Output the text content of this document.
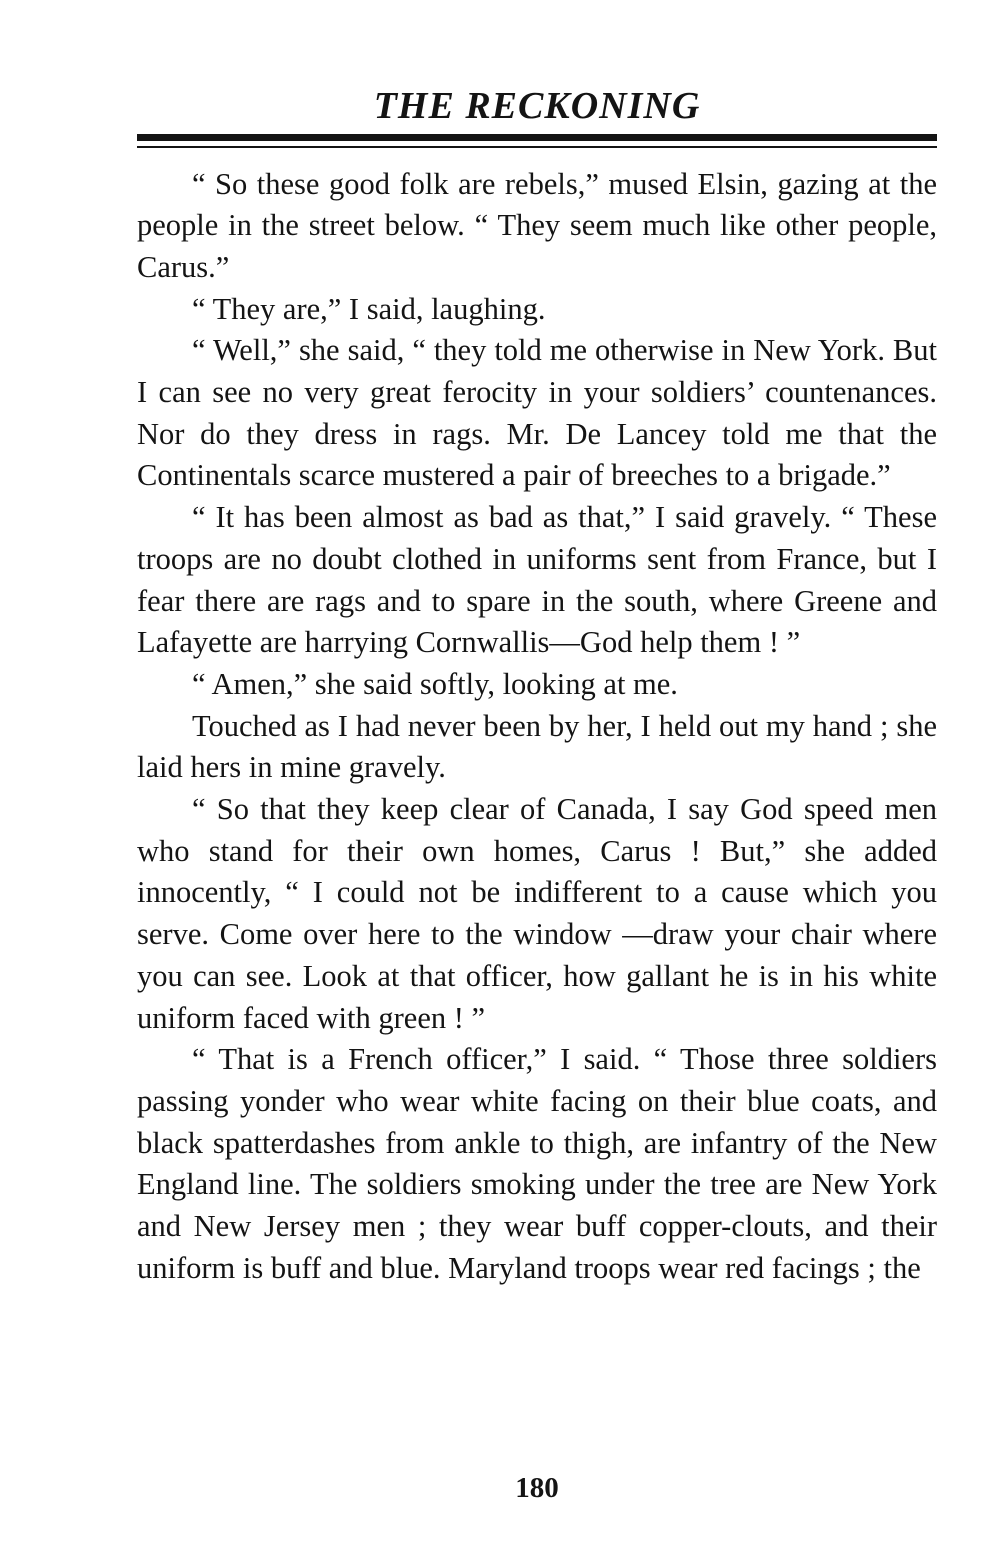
THE RECKONING

“ So these good folk are rebels,” mused Elsin, gazing at the people in the street below. “ They seem much like other people, Carus.”

“ They are,” I said, laughing.

“ Well,” she said, “ they told me otherwise in New York. But I can see no very great ferocity in your soldiers’ countenances. Nor do they dress in rags. Mr. De Lancey told me that the Continentals scarce mustered a pair of breeches to a brigade.”

“ It has been almost as bad as that,” I said gravely. “ These troops are no doubt clothed in uniforms sent from France, but I fear there are rags and to spare in the south, where Greene and Lafayette are harrying Cornwallis—God help them ! ”

“ Amen,” she said softly, looking at me.

Touched as I had never been by her, I held out my hand ; she laid hers in mine gravely.

“ So that they keep clear of Canada, I say God speed men who stand for their own homes, Carus ! But,” she added innocently, “ I could not be indifferent to a cause which you serve. Come over here to the window —draw your chair where you can see. Look at that officer, how gallant he is in his white uniform faced with green ! ”

“ That is a French officer,” I said. “ Those three soldiers passing yonder who wear white facing on their blue coats, and black spatterdashes from ankle to thigh, are infantry of the New England line. The soldiers smoking under the tree are New York and New Jersey men ; they wear buff copper-clouts, and their uniform is buff and blue. Maryland troops wear red facings ; the

180
